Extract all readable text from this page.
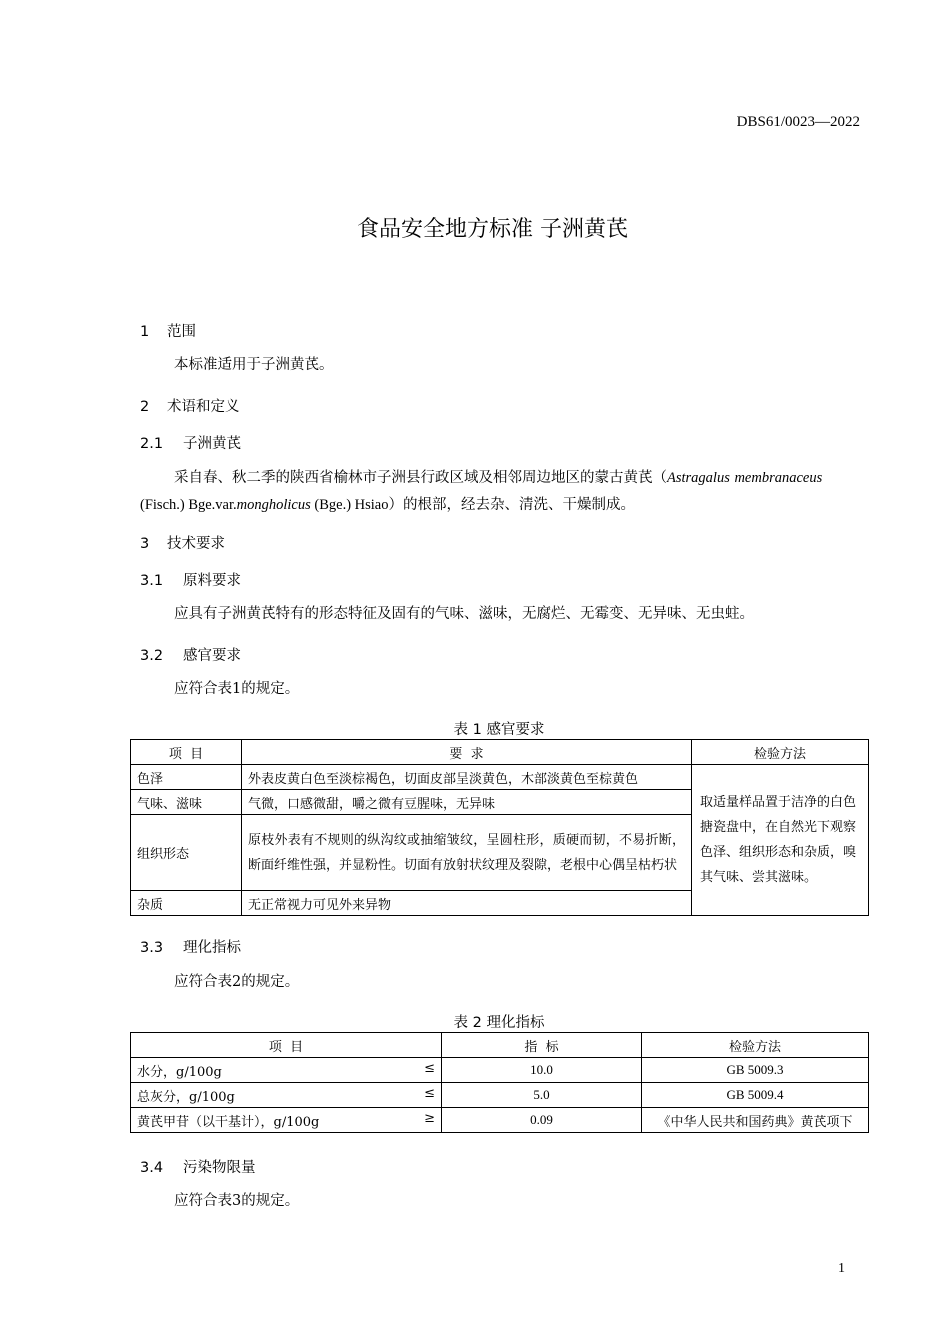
DBS61/0023—2022
食品安全地方标准 子洲黄芪
1 范围
本标准适用于子洲黄芪。
2 术语和定义
2.1 子洲黄芪
采自春、秋二季的陕西省榆林市子洲县行政区域及相邻周边地区的蒙古黄芪（Astragalus membranaceus (Fisch.) Bge.var.mongholicus (Bge.) Hsiao）的根部，经去杂、清洗、干燥制成。
3 技术要求
3.1 原料要求
应具有子洲黄芪特有的形态特征及固有的气味、滋味，无腐烂、无霉变、无异味、无虫蛀。
3.2 感官要求
应符合表1的规定。
表 1 感官要求
项  目	要  求	检验方法
色泽	外表皮黄白色至淡棕褐色，切面皮部呈淡黄色，木部淡黄色至棕黄色	取适量样品置于洁净的白色搪瓷盘中，在自然光下观察色泽、组织形态和杂质，嗅其气味、尝其滋味。
气味、滋味	气微，口感微甜，嚼之微有豆腥味，无异味	
组织形态	原枝外表有不规则的纵沟纹或抽缩皱纹，呈圆柱形，质硬而韧，不易折断，断面纤维性强，并显粉性。切面有放射状纹理及裂隙，老根中心偶呈枯朽状	
杂质	无正常视力可见外来异物	
3.3 理化指标
应符合表2的规定。
表 2 理化指标
项  目	指  标	检验方法
水分，g/100g ≤	10.0	GB 5009.3
总灰分，g/100g ≤	5.0	GB 5009.4
黄芪甲苷（以干基计），g/100g ≥	0.09	《中华人民共和国药典》黄芪项下
3.4 污染物限量
应符合表3的规定。
1
